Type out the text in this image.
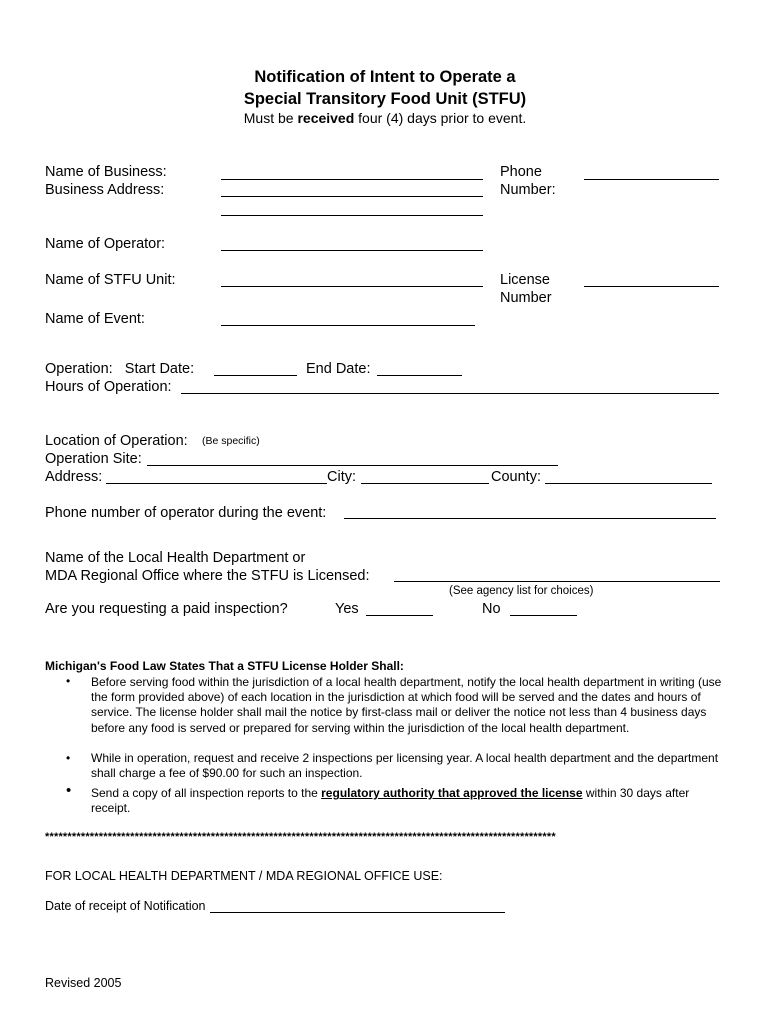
Notification of Intent to Operate a
Special Transitory Food Unit (STFU)
Must be received four (4) days prior to event.
Name of Business:
Business Address:
Phone
Number:
Name of Operator:
Name of STFU Unit:	License
Number
Name of Event:
Operation:   Start Date:	End Date:
Hours of Operation:
Location of Operation: (Be specific)
Operation Site:
Address:	City:	County:
Phone number of operator during the event:
Name of the Local Health Department or
MDA Regional Office where the STFU is Licensed:
(See agency list for choices)
Are you requesting a paid inspection?	Yes	No
Michigan's Food Law States That a STFU License Holder Shall:
• Before serving food within the jurisdiction of a local health department, notify the local health department in writing (use the form provided above) of each location in the jurisdiction at which food will be served and the dates and hours of service. The license holder shall mail the notice by first-class mail or deliver the notice not less than 4 business days before any food is served or prepared for serving within the jurisdiction of the local health department.
• While in operation, request and receive 2 inspections per licensing year. A local health department and the department shall charge a fee of $90.00 for such an inspection.
• Send a copy of all inspection reports to the regulatory authority that approved the license within 30 days after receipt.
******************************************************************************************************************
FOR LOCAL HEALTH DEPARTMENT / MDA REGIONAL OFFICE USE:
Date of receipt of Notification
Revised 2005
